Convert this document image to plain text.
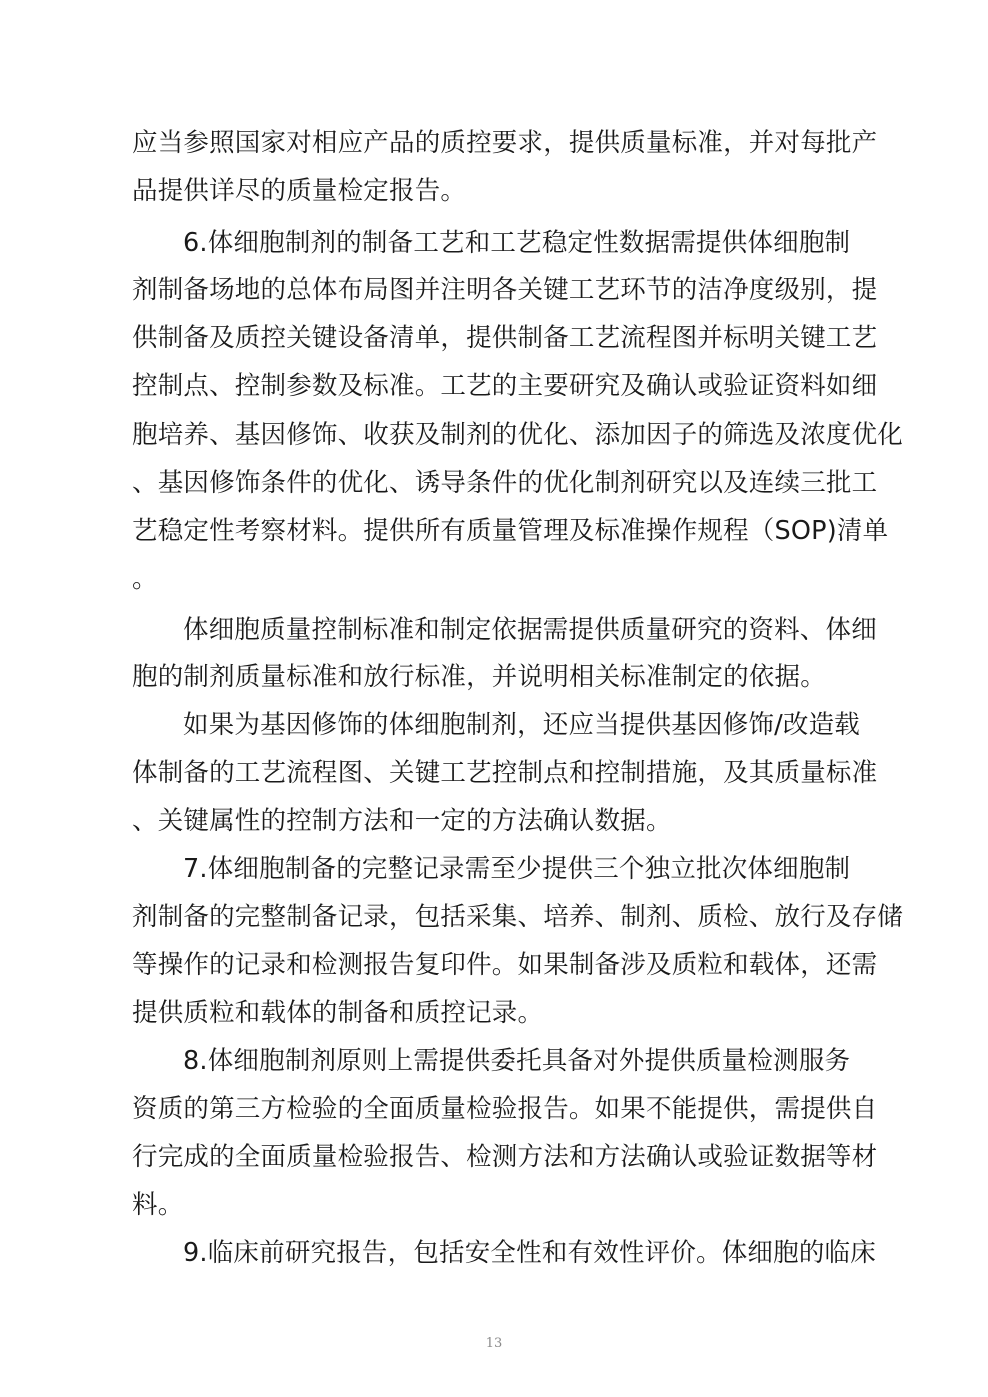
应当参照国家对相应产品的质控要求，提供质量标准，并对每批产
品提供详尽的质量检定报告。
6.体细胞制剂的制备工艺和工艺稳定性数据需提供体细胞制
剂制备场地的总体布局图并注明各关键工艺环节的洁净度级别，提
供制备及质控关键设备清单，提供制备工艺流程图并标明关键工艺
控制点、控制参数及标准。工艺的主要研究及确认或验证资料如细
胞培养、基因修饰、收获及制剂的优化、添加因子的筛选及浓度优化
、基因修饰条件的优化、诱导条件的优化制剂研究以及连续三批工
艺稳定性考察材料。提供所有质量管理及标准操作规程（SOP)清单
。
体细胞质量控制标准和制定依据需提供质量研究的资料、体细
胞的制剂质量标准和放行标准，并说明相关标准制定的依据。
如果为基因修饰的体细胞制剂，还应当提供基因修饰/改造载
体制备的工艺流程图、关键工艺控制点和控制措施，及其质量标准
、关键属性的控制方法和一定的方法确认数据。
7.体细胞制备的完整记录需至少提供三个独立批次体细胞制
剂制备的完整制备记录，包括采集、培养、制剂、质检、放行及存储
等操作的记录和检测报告复印件。如果制备涉及质粒和载体，还需
提供质粒和载体的制备和质控记录。
8.体细胞制剂原则上需提供委托具备对外提供质量检测服务
资质的第三方检验的全面质量检验报告。如果不能提供，需提供自
行完成的全面质量检验报告、检测方法和方法确认或验证数据等材
料。
9.临床前研究报告，包括安全性和有效性评价。体细胞的临床
13
